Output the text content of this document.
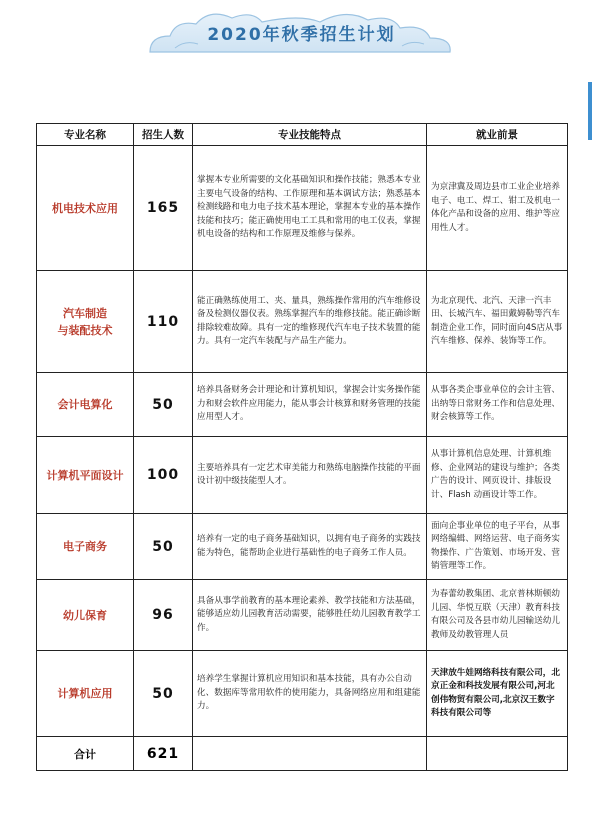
2020年秋季招生计划
专业名称	招生人数	专业技能特点	就业前景
机电技术应用	165	掌握本专业所需要的文化基础知识和操作技能；熟悉本专业主要电气设备的结构、工作原理和基本调试方法；熟悉基本检测线路和电力电子技术基本理论，掌握本专业的基本操作技能和技巧；能正确使用电工工具和常用的电工仪表，掌握机电设备的结构和工作原理及维修与保养。	为京津冀及周边县市工业企业培养电子、电工、焊工、钳工及机电一体化产品和设备的应用、维护等应用性人才。
汽车制造
与装配技术	110	能正确熟练使用工、夹、量具，熟练操作常用的汽车维修设备及检测仪器仪表。熟练掌握汽车的维修技能。能正确诊断排除较难故障。具有一定的维修现代汽车电子技术装置的能力。具有一定汽车装配与产品生产能力。	为北京现代、北汽、天津一汽丰田、长城汽车、福田戴姆勒等汽车制造企业工作，同时面向4S店从事汽车维修、保养、装饰等工作。
会计电算化	50	培养具备财务会计理论和计算机知识，掌握会计实务操作能力和财会软件应用能力，能从事会计核算和财务管理的技能应用型人才。	从事各类企事业单位的会计主管、出纳等日常财务工作和信息处理、财会核算等工作。
计算机平面设计	100	主要培养具有一定艺术审美能力和熟练电脑操作技能的平面设计初中级技能型人才。	从事计算机信息处理、计算机维修、企业网站的建设与维护；各类广告的设计、网页设计、排版设计、Flash 动画设计等工作。
电子商务	50	培养有一定的电子商务基础知识，以拥有电子商务的实践技能为特色，能帮助企业进行基础性的电子商务工作人员。	面向企事业单位的电子平台，从事网络编辑、网络运营、电子商务实物操作、广告策划、市场开发、营销管理等工作。
幼儿保育	96	具备从事学前教育的基本理论素养、教学技能和方法基础，能够适应幼儿园教育活动需要，能够胜任幼儿园教育教学工作。	为春蕾幼教集团、北京普林斯顿幼儿园、华悦互联（天津）教育科技有限公司及各县市幼儿园输送幼儿教师及幼教管理人员
计算机应用	50	培养学生掌握计算机应用知识和基本技能，具有办公自动化、数据库等常用软件的使用能力，具备网络应用和组建能力。	天津放牛娃网络科技有限公司，北京正金和科技发展有限公司,河北创伟物贸有限公司,北京汉王数字科技有限公司等
合计	621		
